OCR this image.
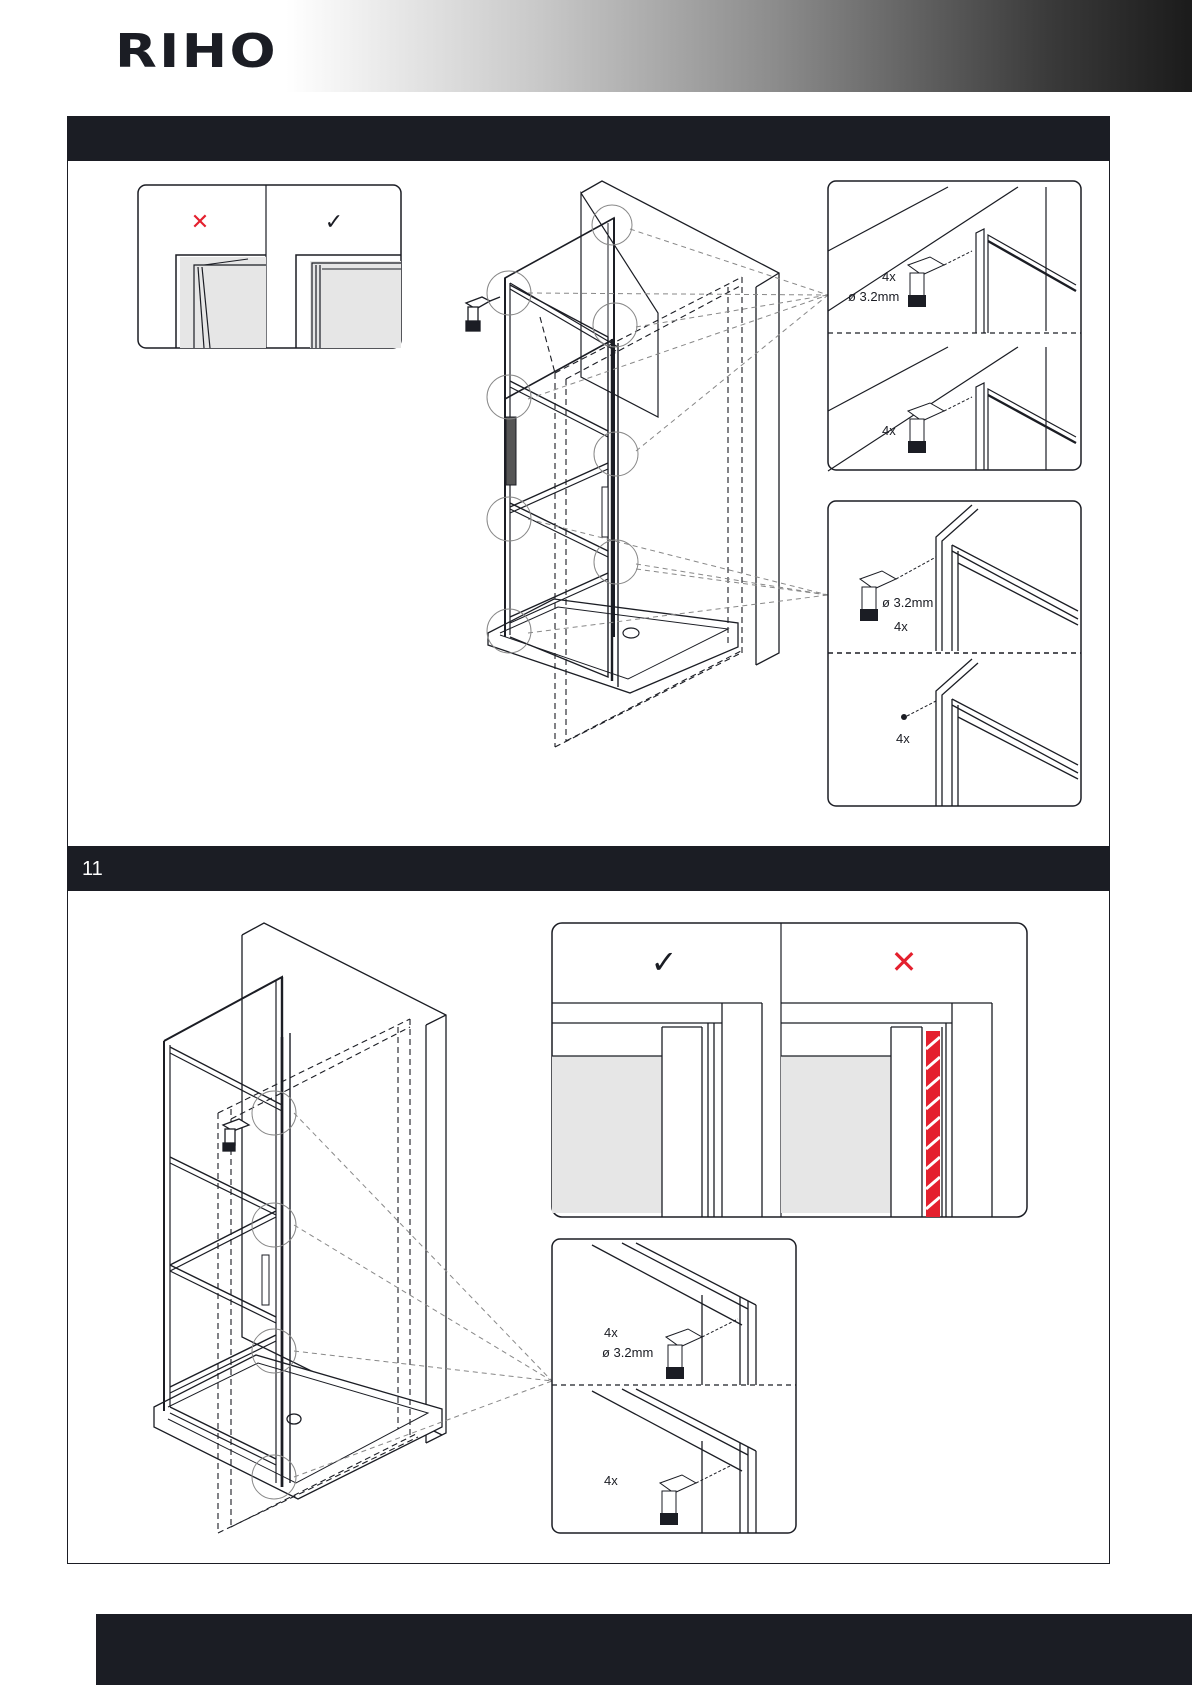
RIHO
✕	✓
4x
ø 3.2mm
4x
ø 3.2mm
4x
4x
11
✓	✕
4x
ø 3.2mm
4x
